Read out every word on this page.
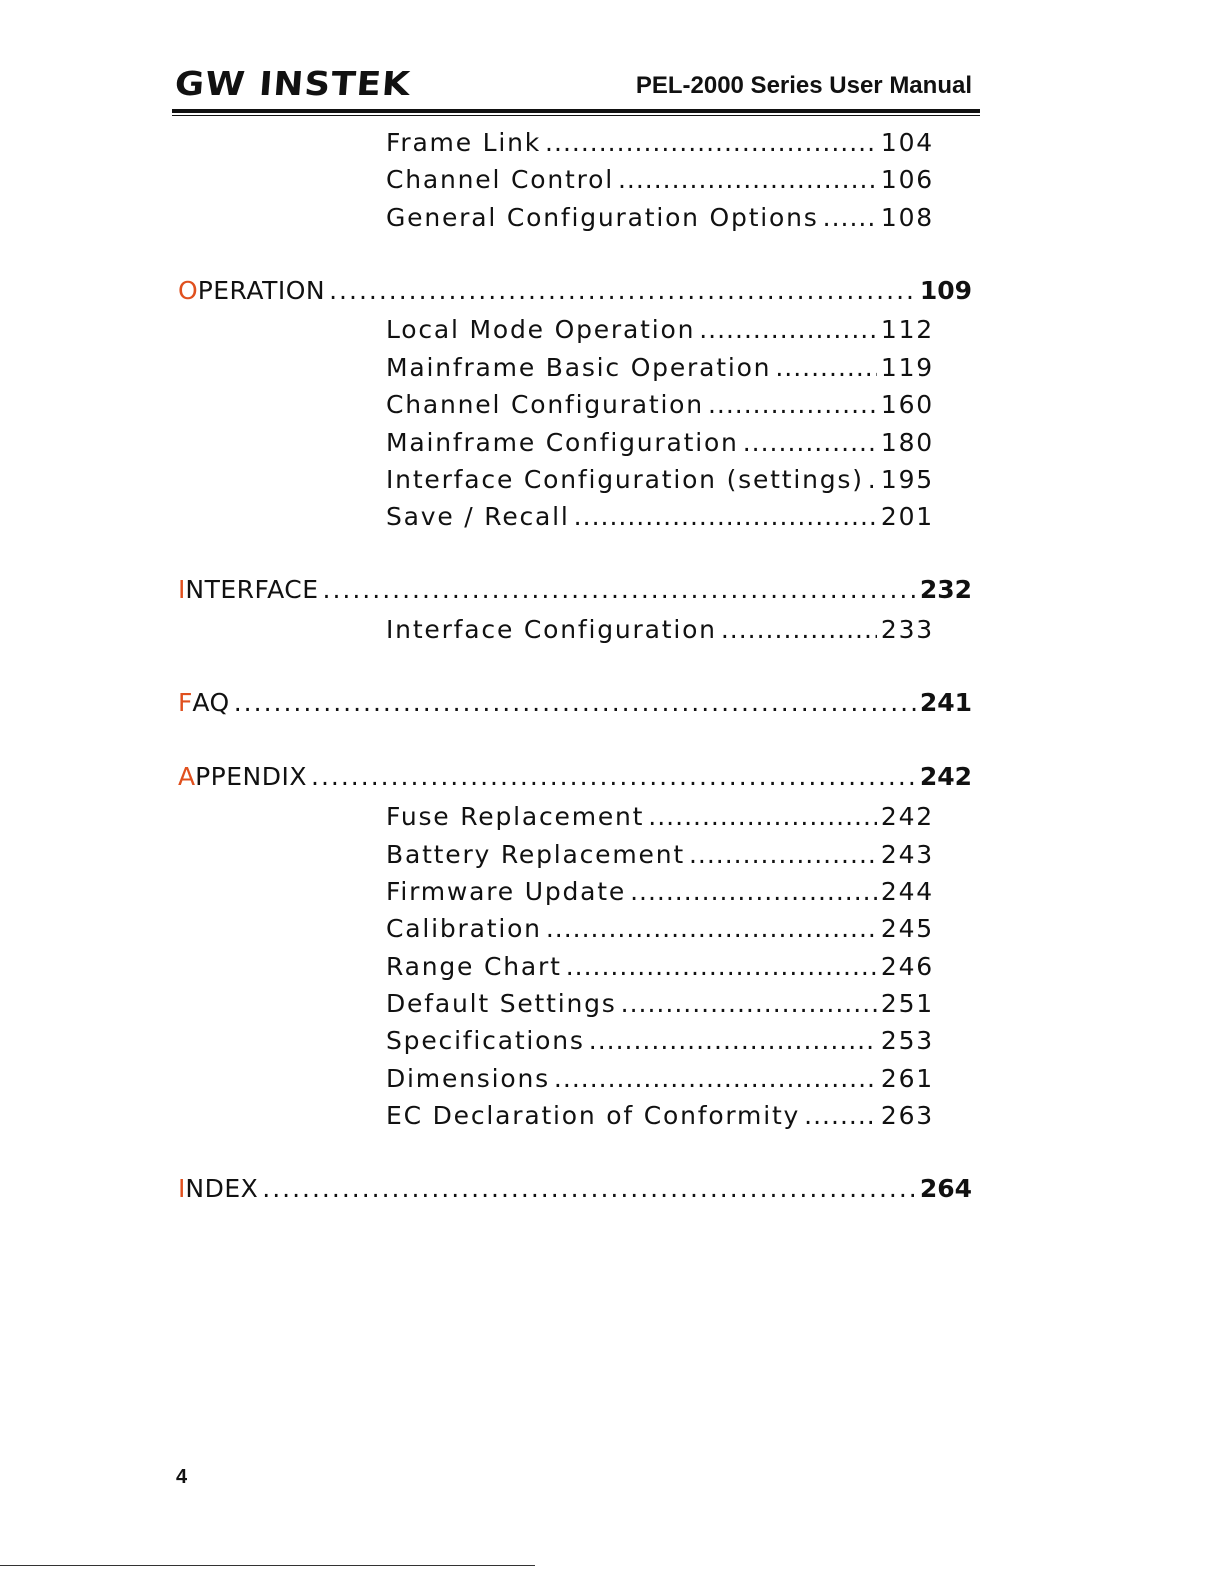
GW INSTEK	PEL-2000 Series User Manual
Frame Link .....	104
Channel Control .....	106
General Configuration Options ..... 108
O PERATION .....	109
Local Mode Operation .....	112
Mainframe Basic Operation .....	119
Channel Configuration .....	160
Mainframe Configuration .....	180
Interface Configuration (settings) ..... 195
Save / Recall .....	201
I NTERFACE .....	232
Interface Configuration .....	233
F AQ .....	241
A PPENDIX .....	242
Fuse Replacement .....	242
Battery Replacement .....	243
Firmware Update .....	244
Calibration .....	245
Range Chart .....	246
Default Settings .....	251
Specifications .....	253
Dimensions .....	261
EC Declaration of Conformity .....	263
I NDEX .....	264
4
